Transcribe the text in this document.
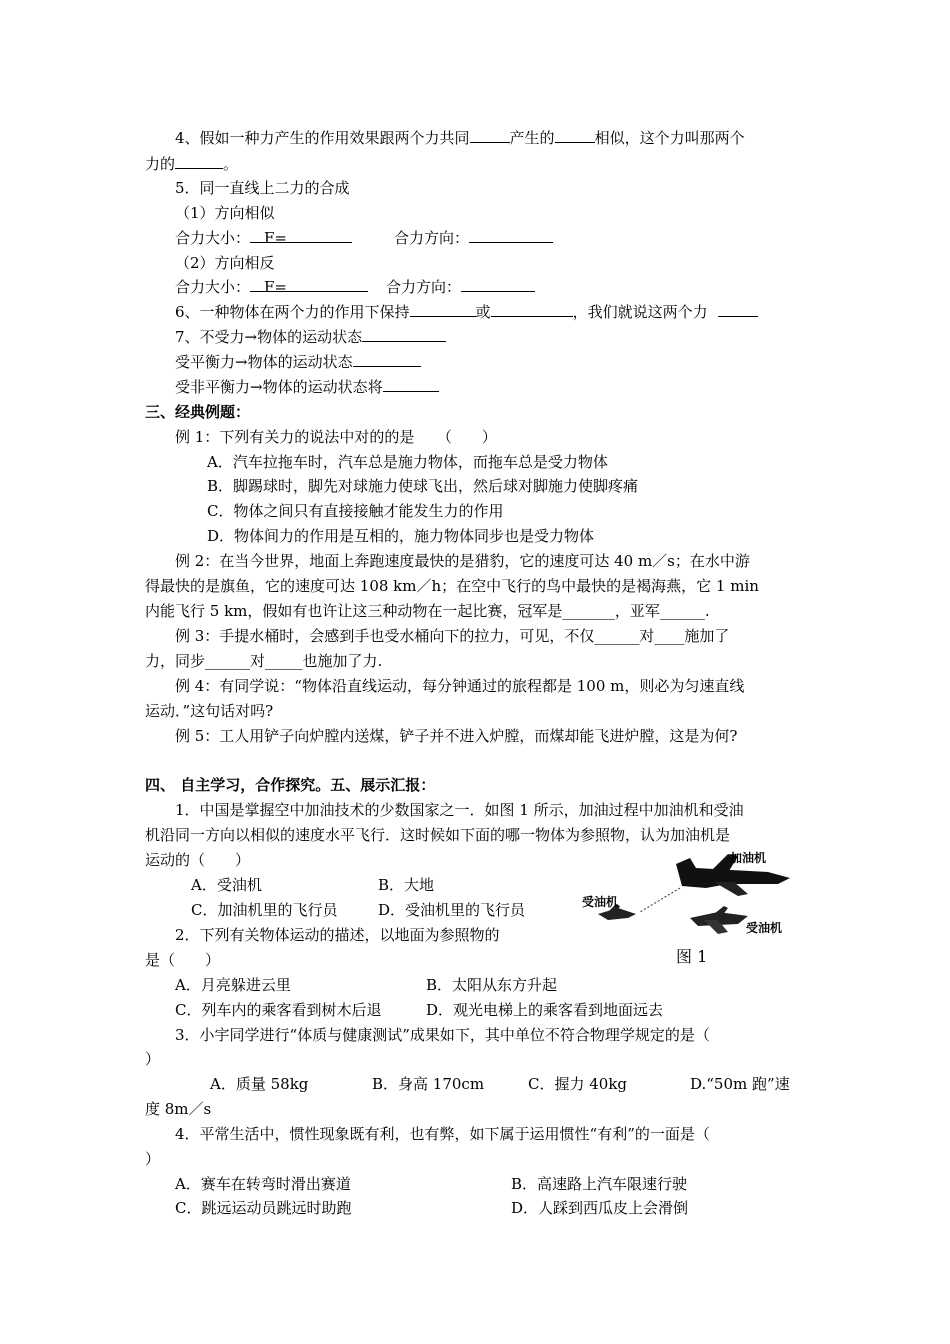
4、假如一种力产生的作用效果跟两个力共同	产生的	相似，这个力叫那两个
力的	。
5．同一直线上二力的合成
（1）方向相似
合力大小： F=	合力方向：
（2）方向相反
合力大小： F=	合力方向：
6、一种物体在两个力的作用下保持	或	，我们就说这两个力
7、不受力→物体的运动状态
受平衡力→物体的运动状态
受非平衡力→物体的运动状态将
三、经典例题：
例 1：下列有关力的说法中对的的是　　（　　）
A．汽车拉拖车时，汽车总是施力物体，而拖车总是受力物体
B．脚踢球时，脚先对球施力使球飞出，然后球对脚施力使脚疼痛
C．物体之间只有直接接触才能发生力的作用
D．物体间力的作用是互相的，施力物体同步也是受力物体
例 2：在当今世界，地面上奔跑速度最快的是猎豹，它的速度可达 40 m／s；在水中游
得最快的是旗鱼，它的速度可达 108 km／h；在空中飞行的鸟中最快的是褐海燕，它 1 min
内能飞行 5 km，假如有也许让这三种动物在一起比赛，冠军是_______，亚军______.
例 3：手提水桶时，会感到手也受水桶向下的拉力，可见，不仅______对____施加了
力，同步______对_____也施加了力.
例 4：有同学说：“物体沿直线运动，每分钟通过的旅程都是 100 m，则必为匀速直线
运动．”这句话对吗?
例 5：工人用铲子向炉膛内送煤，铲子并不进入炉膛，而煤却能飞进炉膛，这是为何?
四、 自主学习，合作探究。五、展示汇报：
1．中国是掌握空中加油技术的少数国家之一．如图 1 所示，加油过程中加油机和受油
机沿同一方向以相似的速度水平飞行．这时候如下面的哪一物体为参照物，认为加油机是
运动的（　　）
A．受油机	B．大地
C．加油机里的飞行员	D．受油机里的飞行员
2．下列有关物体运动的描述，以地面为参照物的
是（　　）
A．月亮躲进云里	B．太阳从东方升起
C．列车内的乘客看到树木后退	D．观光电梯上的乘客看到地面远去
3．小宇同学进行“体质与健康测试”成果如下，其中单位不符合物理学规定的是（
）
A．质量 58kg	B．身高 170cm	C．握力 40kg	D.“50m 跑”速
度 8m／s
4．平常生活中，惯性现象既有利，也有弊，如下属于运用惯性“有利”的一面是（
）
A．赛车在转弯时滑出赛道	B．高速路上汽车限速行驶
C．跳远运动员跳远时助跑	D．人踩到西瓜皮上会滑倒
加油机
受油机
受油机
图 1
